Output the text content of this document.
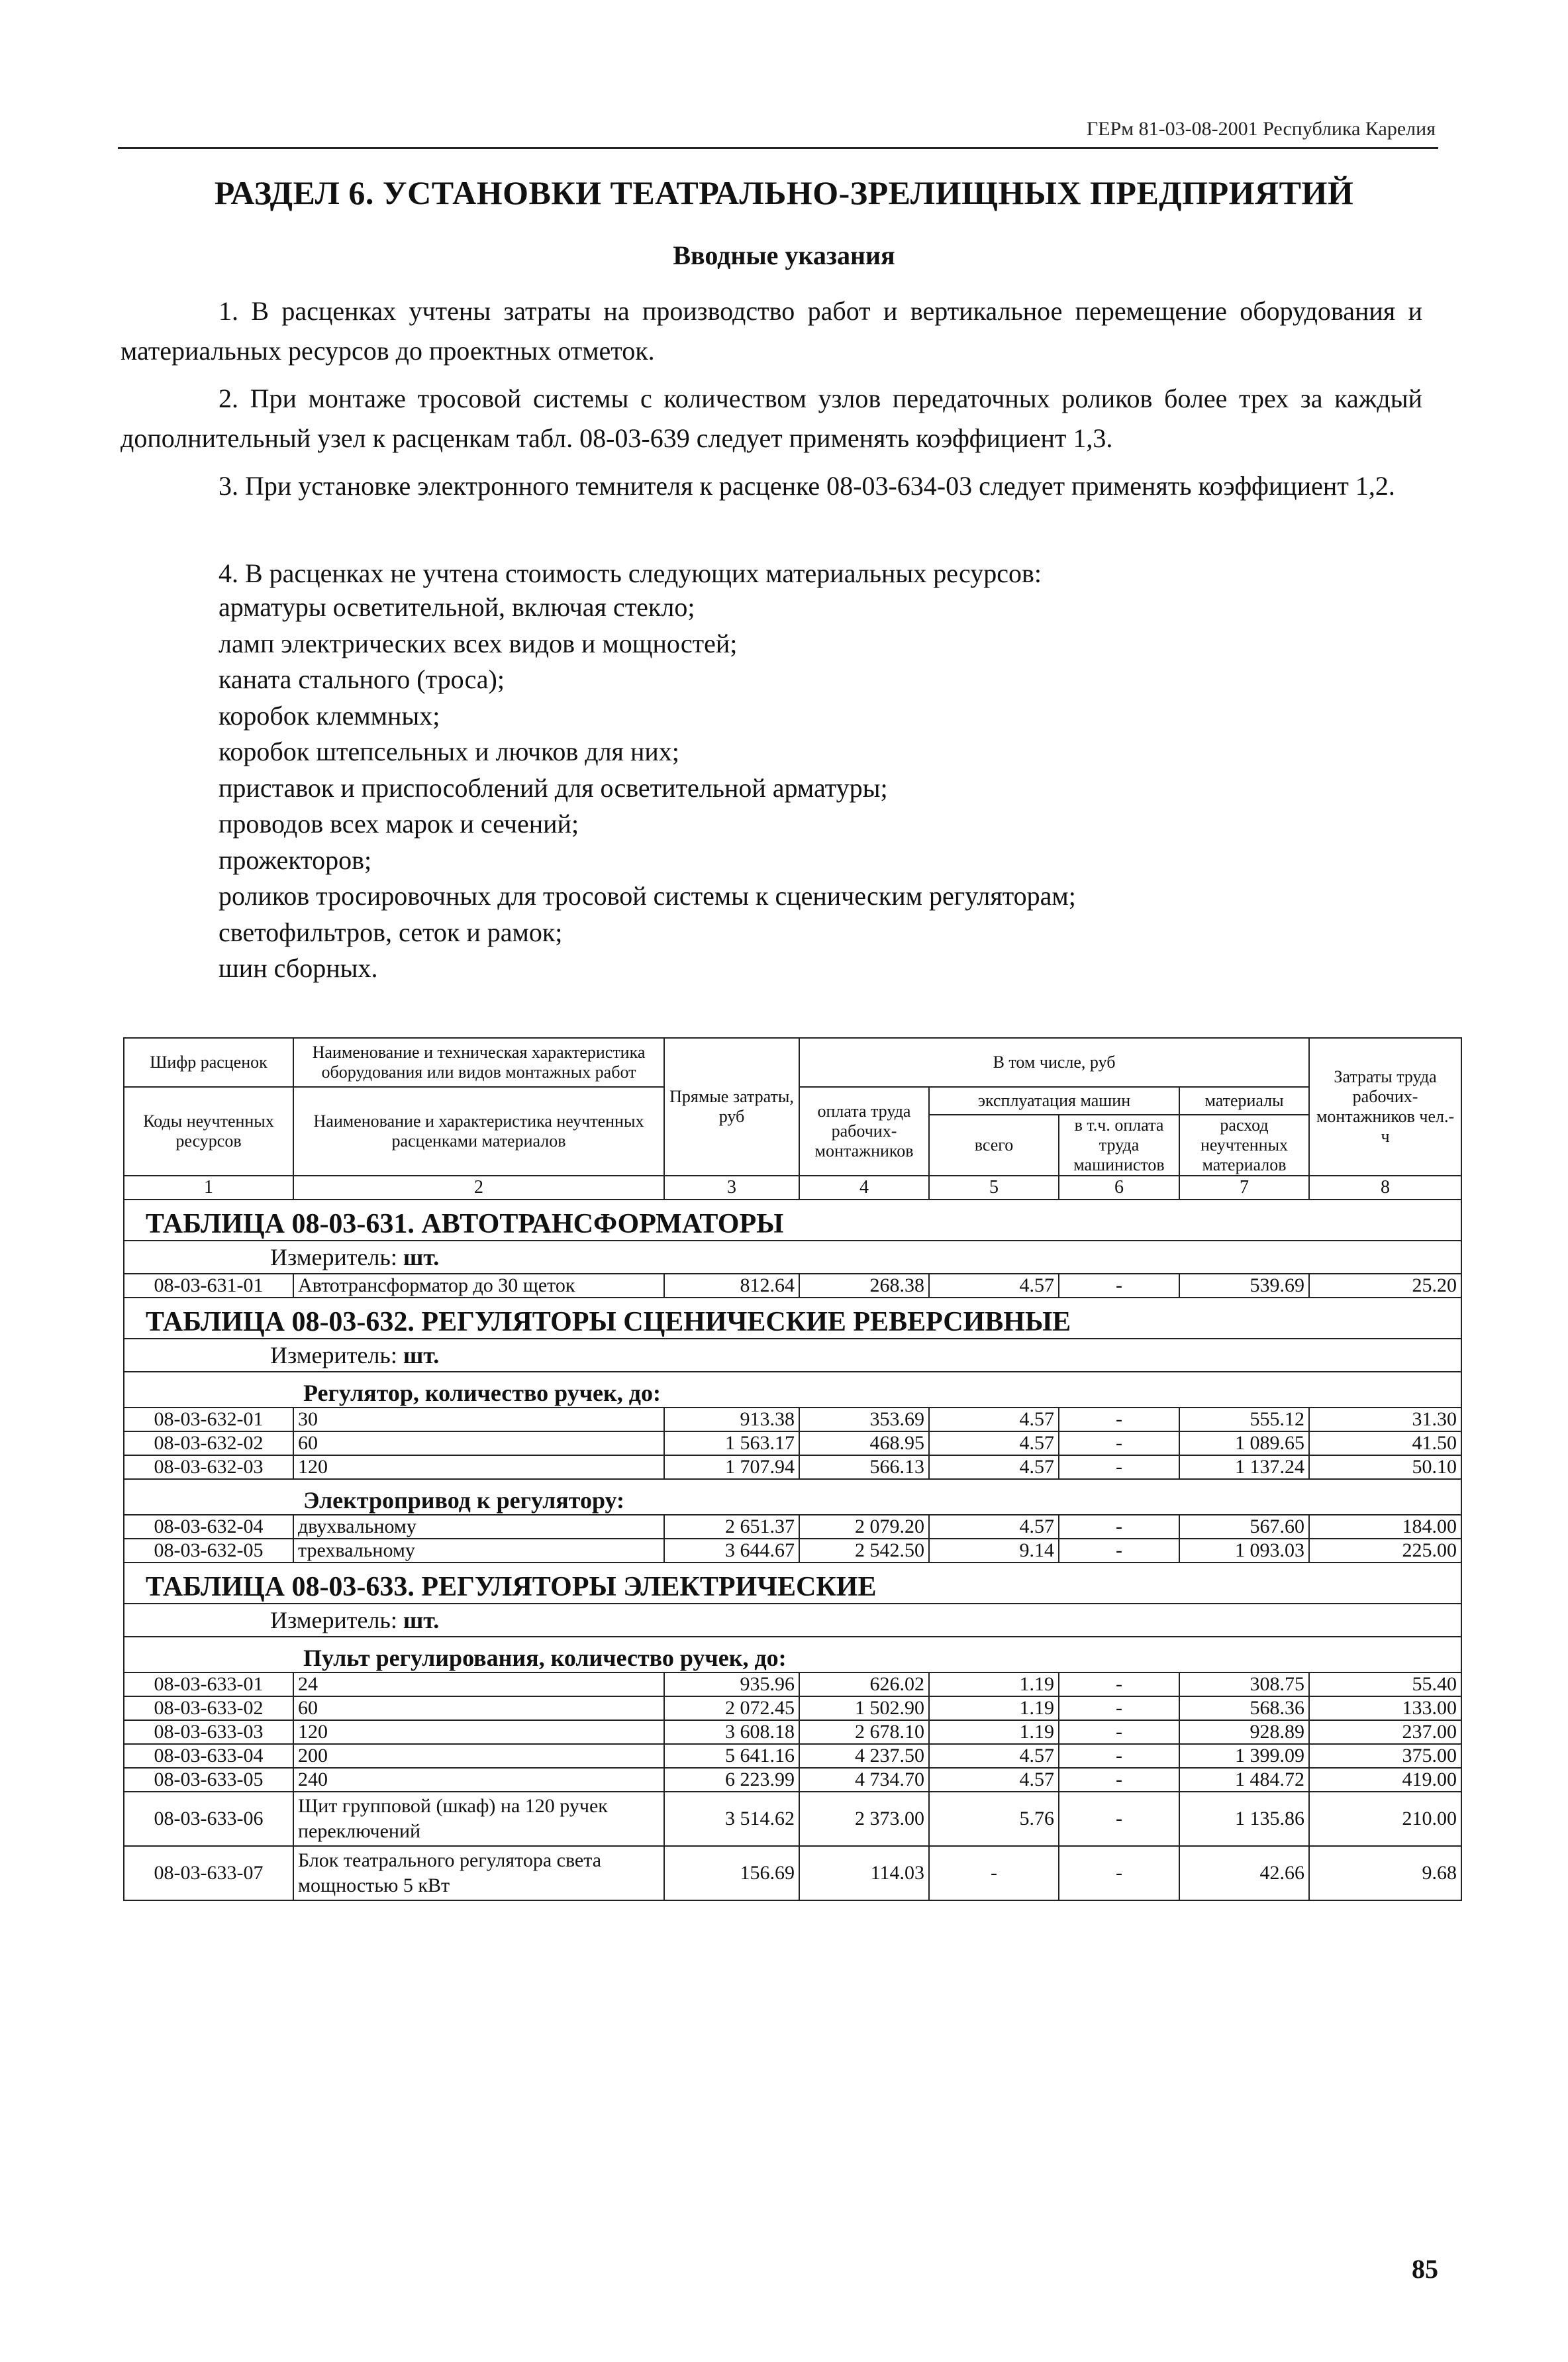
ГЕРм 81-03-08-2001 Республика Карелия
РАЗДЕЛ 6. УСТАНОВКИ ТЕАТРАЛЬНО-ЗРЕЛИЩНЫХ ПРЕДПРИЯТИЙ
Вводные указания
1. В расценках учтены затраты на производство работ и вертикальное перемещение оборудования и материальных ресурсов до проектных отметок.
2. При монтаже тросовой системы с количеством узлов передаточных роликов более трех за каждый дополнительный узел к расценкам табл. 08-03-639 следует применять коэффициент 1,3.
3. При установке электронного темнителя к расценке 08-03-634-03 следует применять коэффициент 1,2.
4. В расценках не учтена стоимость следующих материальных ресурсов:
арматуры осветительной, включая стекло;
ламп электрических всех видов и мощностей;
каната стального (троса);
коробок клеммных;
коробок штепсельных и лючков для них;
приставок и приспособлений для осветительной арматуры;
проводов всех марок и сечений;
прожекторов;
роликов тросировочных для тросовой системы к сценическим регуляторам;
светофильтров, сеток и рамок;
шин сборных.
Шифр расценок	Наименование и техническая характеристика оборудования или видов монтажных работ	Прямые затраты, руб	В том числе, руб				Затраты труда рабочих-монтажников чел.-ч
Коды неучтенных ресурсов	Наименование и характеристика неучтенных расценками материалов		оплата труда рабочих-монтажников	эксплуатация машин		материалы	
				всего	в т.ч. оплата труда машинистов	расход неучтенных материалов	
1	2	3	4	5	6	7	8
ТАБЛИЦА 08-03-631. АВТОТРАНСФОРМАТОРЫ							
Измеритель: шт.							
08-03-631-01	Автотрансформатор до 30 щеток	812.64	268.38	4.57	-	539.69	25.20
ТАБЛИЦА 08-03-632. РЕГУЛЯТОРЫ СЦЕНИЧЕСКИЕ РЕВЕРСИВНЫЕ							
Измеритель: шт.							
Регулятор, количество ручек, до:							
08-03-632-01	30	913.38	353.69	4.57	-	555.12	31.30
08-03-632-02	60	1 563.17	468.95	4.57	-	1 089.65	41.50
08-03-632-03	120	1 707.94	566.13	4.57	-	1 137.24	50.10
Электропривод к регулятору:							
08-03-632-04	двухвальному	2 651.37	2 079.20	4.57	-	567.60	184.00
08-03-632-05	трехвальному	3 644.67	2 542.50	9.14	-	1 093.03	225.00
ТАБЛИЦА 08-03-633. РЕГУЛЯТОРЫ ЭЛЕКТРИЧЕСКИЕ							
Измеритель: шт.							
Пульт регулирования, количество ручек, до:							
08-03-633-01	24	935.96	626.02	1.19	-	308.75	55.40
08-03-633-02	60	2 072.45	1 502.90	1.19	-	568.36	133.00
08-03-633-03	120	3 608.18	2 678.10	1.19	-	928.89	237.00
08-03-633-04	200	5 641.16	4 237.50	4.57	-	1 399.09	375.00
08-03-633-05	240	6 223.99	4 734.70	4.57	-	1 484.72	419.00
08-03-633-06	Щит групповой (шкаф) на 120 ручек переключений	3 514.62	2 373.00	5.76	-	1 135.86	210.00
08-03-633-07	Блок театрального регулятора света мощностью 5 кВт	156.69	114.03	-	-	42.66	9.68
85
